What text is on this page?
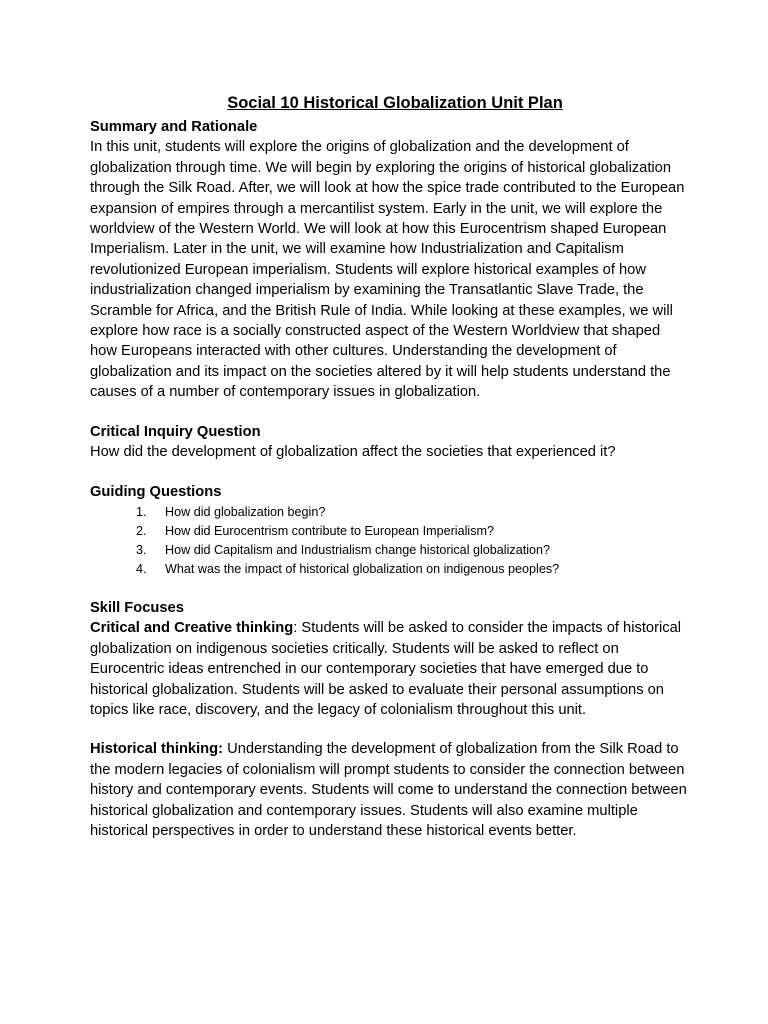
Social 10 Historical Globalization Unit Plan
Summary and Rationale

In this unit, students will explore the origins of globalization and the development of globalization through time. We will begin by exploring the origins of historical globalization through the Silk Road. After, we will look at how the spice trade contributed to the European expansion of empires through a mercantilist system. Early in the unit, we will explore the worldview of the Western World. We will look at how this Eurocentrism shaped European Imperialism. Later in the unit, we will examine how Industrialization and Capitalism revolutionized European imperialism. Students will explore historical examples of how industrialization changed imperialism by examining the Transatlantic Slave Trade, the Scramble for Africa, and the British Rule of India. While looking at these examples, we will explore how race is a socially constructed aspect of the Western Worldview that shaped how Europeans interacted with other cultures. Understanding the development of globalization and its impact on the societies altered by it will help students understand the causes of a number of contemporary issues in globalization.

Critical Inquiry Question

How did the development of globalization affect the societies that experienced it?

Guiding Questions
1. How did globalization begin?
2. How did Eurocentrism contribute to European Imperialism?
3. How did Capitalism and Industrialism change historical globalization?
4. What was the impact of historical globalization on indigenous peoples?
Skill Focuses

Critical and Creative thinking: Students will be asked to consider the impacts of historical globalization on indigenous societies critically. Students will be asked to reflect on Eurocentric ideas entrenched in our contemporary societies that have emerged due to historical globalization. Students will be asked to evaluate their personal assumptions on topics like race, discovery, and the legacy of colonialism throughout this unit.

Historical thinking: Understanding the development of globalization from the Silk Road to the modern legacies of colonialism will prompt students to consider the connection between history and contemporary events. Students will come to understand the connection between historical globalization and contemporary issues. Students will also examine multiple historical perspectives in order to understand these historical events better.
